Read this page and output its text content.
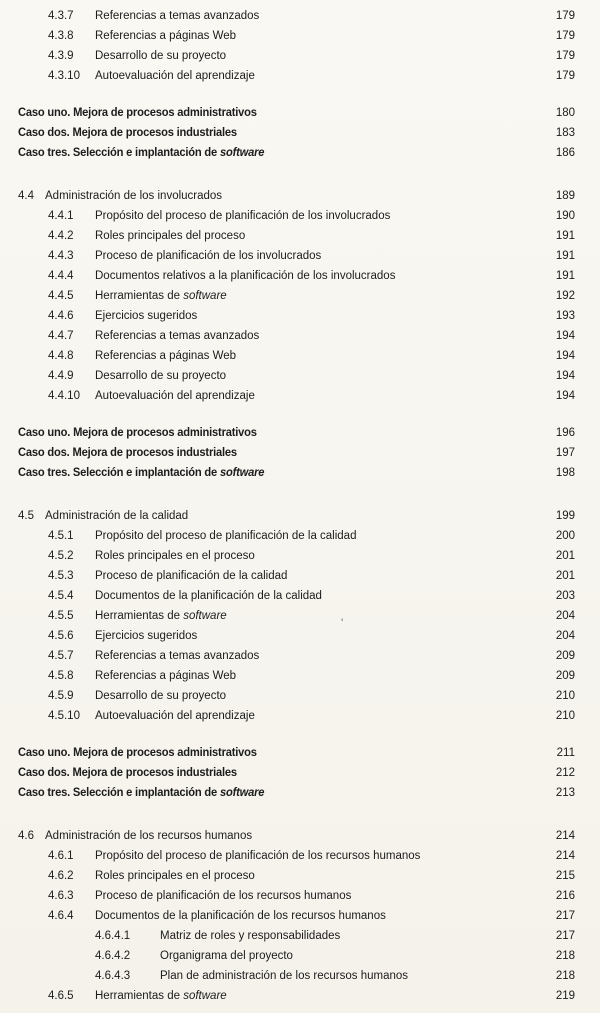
4.3.7	Referencias a temas avanzados	179
4.3.8	Referencias a páginas Web	179
4.3.9	Desarrollo de su proyecto	179
4.3.10	Autoevaluación del aprendizaje	179
Caso uno. Mejora de procesos administrativos	180
Caso dos. Mejora de procesos industriales	183
Caso tres. Selección e implantación de software	186
4.4 Administración de los involucrados	189
4.4.1	Propósito del proceso de planificación de los involucrados	190
4.4.2	Roles principales del proceso	191
4.4.3	Proceso de planificación de los involucrados	191
4.4.4	Documentos relativos a la planificación de los involucrados	191
4.4.5	Herramientas de software	192
4.4.6	Ejercicios sugeridos	193
4.4.7	Referencias a temas avanzados	194
4.4.8	Referencias a páginas Web	194
4.4.9	Desarrollo de su proyecto	194
4.4.10	Autoevaluación del aprendizaje	194
Caso uno. Mejora de procesos administrativos	196
Caso dos. Mejora de procesos industriales	197
Caso tres. Selección e implantación de software	198
4.5 Administración de la calidad	199
4.5.1	Propósito del proceso de planificación de la calidad	200
4.5.2	Roles principales en el proceso	201
4.5.3	Proceso de planificación de la calidad	201
4.5.4	Documentos de la planificación de la calidad	203
4.5.5	Herramientas de software	204
4.5.6	Ejercicios sugeridos	204
4.5.7	Referencias a temas avanzados	209
4.5.8	Referencias a páginas Web	209
4.5.9	Desarrollo de su proyecto	210
4.5.10	Autoevaluación del aprendizaje	210
Caso uno. Mejora de procesos administrativos	211
Caso dos. Mejora de procesos industriales	212
Caso tres. Selección e implantación de software	213
4.6 Administración de los recursos humanos	214
4.6.1	Propósito del proceso de planificación de los recursos humanos	214
4.6.2	Roles principales en el proceso	215
4.6.3	Proceso de planificación de los recursos humanos	216
4.6.4	Documentos de la planificación de los recursos humanos	217
4.6.4.1	Matriz de roles y responsabilidades	217
4.6.4.2	Organigrama del proyecto	218
4.6.4.3	Plan de administración de los recursos humanos	218
4.6.5	Herramientas de software	219
'
